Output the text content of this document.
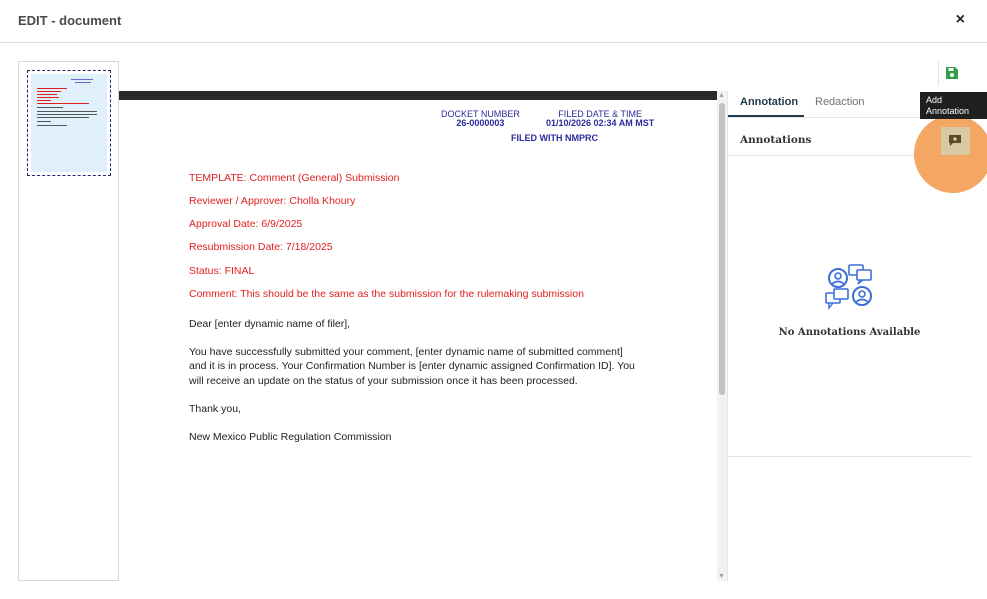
EDIT - document	×
DOCKET NUMBER
26-0000003
FILED DATE & TIME
01/10/2026 02:34 AM MST
FILED WITH NMPRC
TEMPLATE: Comment (General) Submission
Reviewer / Approver: Cholla Khoury
Approval Date: 6/9/2025
Resubmission Date: 7/18/2025
Status: FINAL
Comment: This should be the same as the submission for the rulemaking submission
Dear [enter dynamic name of filer],
You have successfully submitted your comment, [enter dynamic name of submitted comment]
and it is in process. Your Confirmation Number is [enter dynamic assigned Confirmation ID]. You
will receive an update on the status of your submission once it has been processed.
Thank you,
New Mexico Public Regulation Commission
▲
▼
Annotation Redaction
Annotations
No Annotations Available
Add Annotation
